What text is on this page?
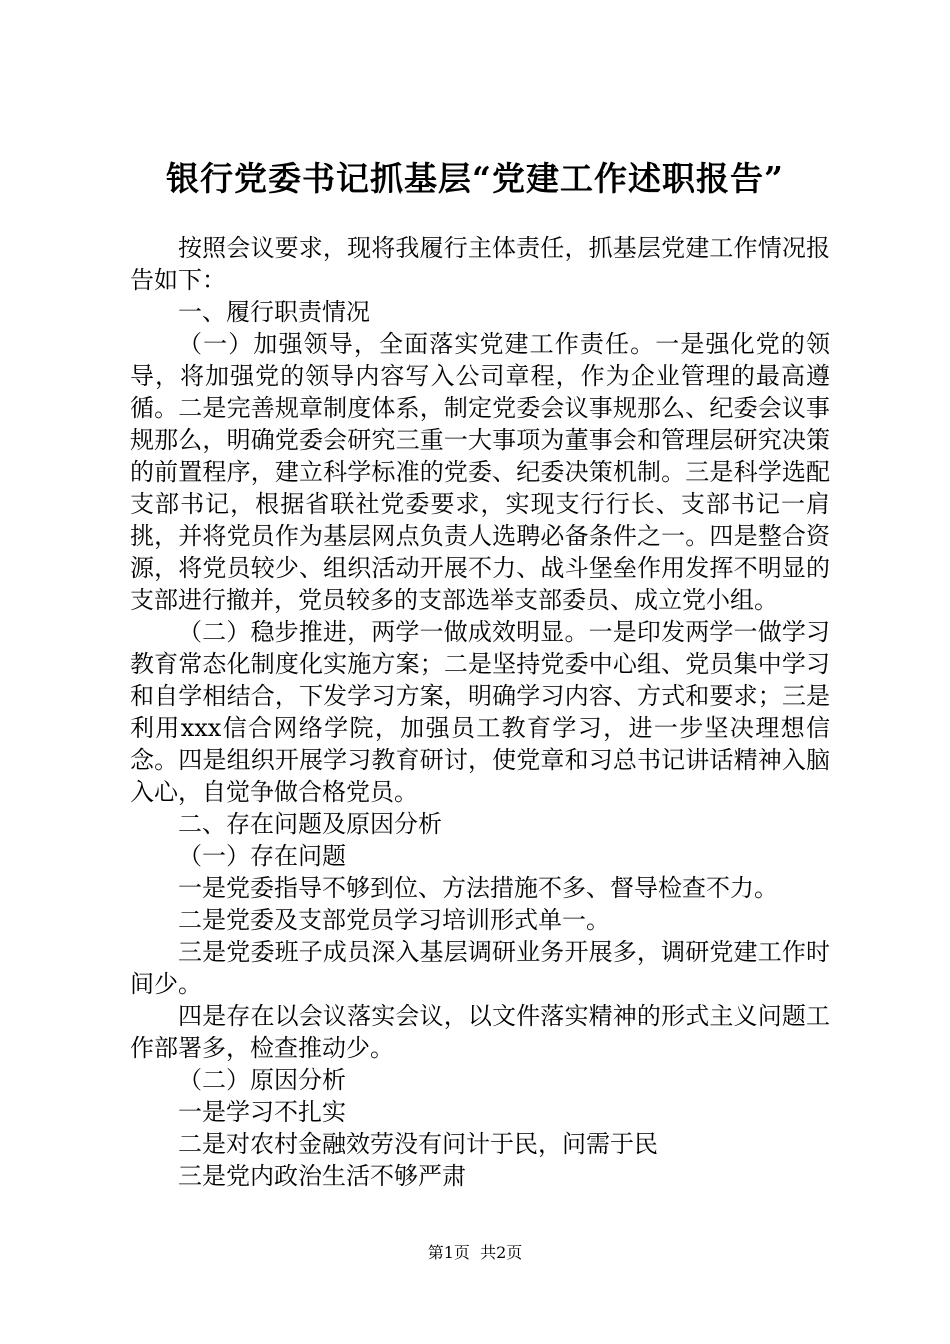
银行党委书记抓基层“党建工作述职报告”

按照会议要求，现将我履行主体责任，抓基层党建工作情况报告如下：

一、履行职责情况

（一）加强领导，全面落实党建工作责任。一是强化党的领导，将加强党的领导内容写入公司章程，作为企业管理的最高遵循。二是完善规章制度体系，制定党委会议事规那么、纪委会议事规那么，明确党委会研究三重一大事项为董事会和管理层研究决策的前置程序，建立科学标准的党委、纪委决策机制。三是科学选配支部书记，根据省联社党委要求，实现支行行长、支部书记一肩挑，并将党员作为基层网点负责人选聘必备条件之一。四是整合资源，将党员较少、组织活动开展不力、战斗堡垒作用发挥不明显的支部进行撤并，党员较多的支部选举支部委员、成立党小组。

（二）稳步推进，两学一做成效明显。一是印发两学一做学习教育常态化制度化实施方案；二是坚持党委中心组、党员集中学习和自学相结合，下发学习方案，明确学习内容、方式和要求；三是利用xxx信合网络学院，加强员工教育学习，进一步坚决理想信念。四是组织开展学习教育研讨，使党章和习总书记讲话精神入脑入心，自觉争做合格党员。

二、存在问题及原因分析

（一）存在问题

一是党委指导不够到位、方法措施不多、督导检查不力。

二是党委及支部党员学习培训形式单一。

三是党委班子成员深入基层调研业务开展多，调研党建工作时间少。

四是存在以会议落实会议，以文件落实精神的形式主义问题工作部署多，检查推动少。

（二）原因分析

一是学习不扎实

二是对农村金融效劳没有问计于民，问需于民

三是党内政治生活不够严肃

第1页 共2页
